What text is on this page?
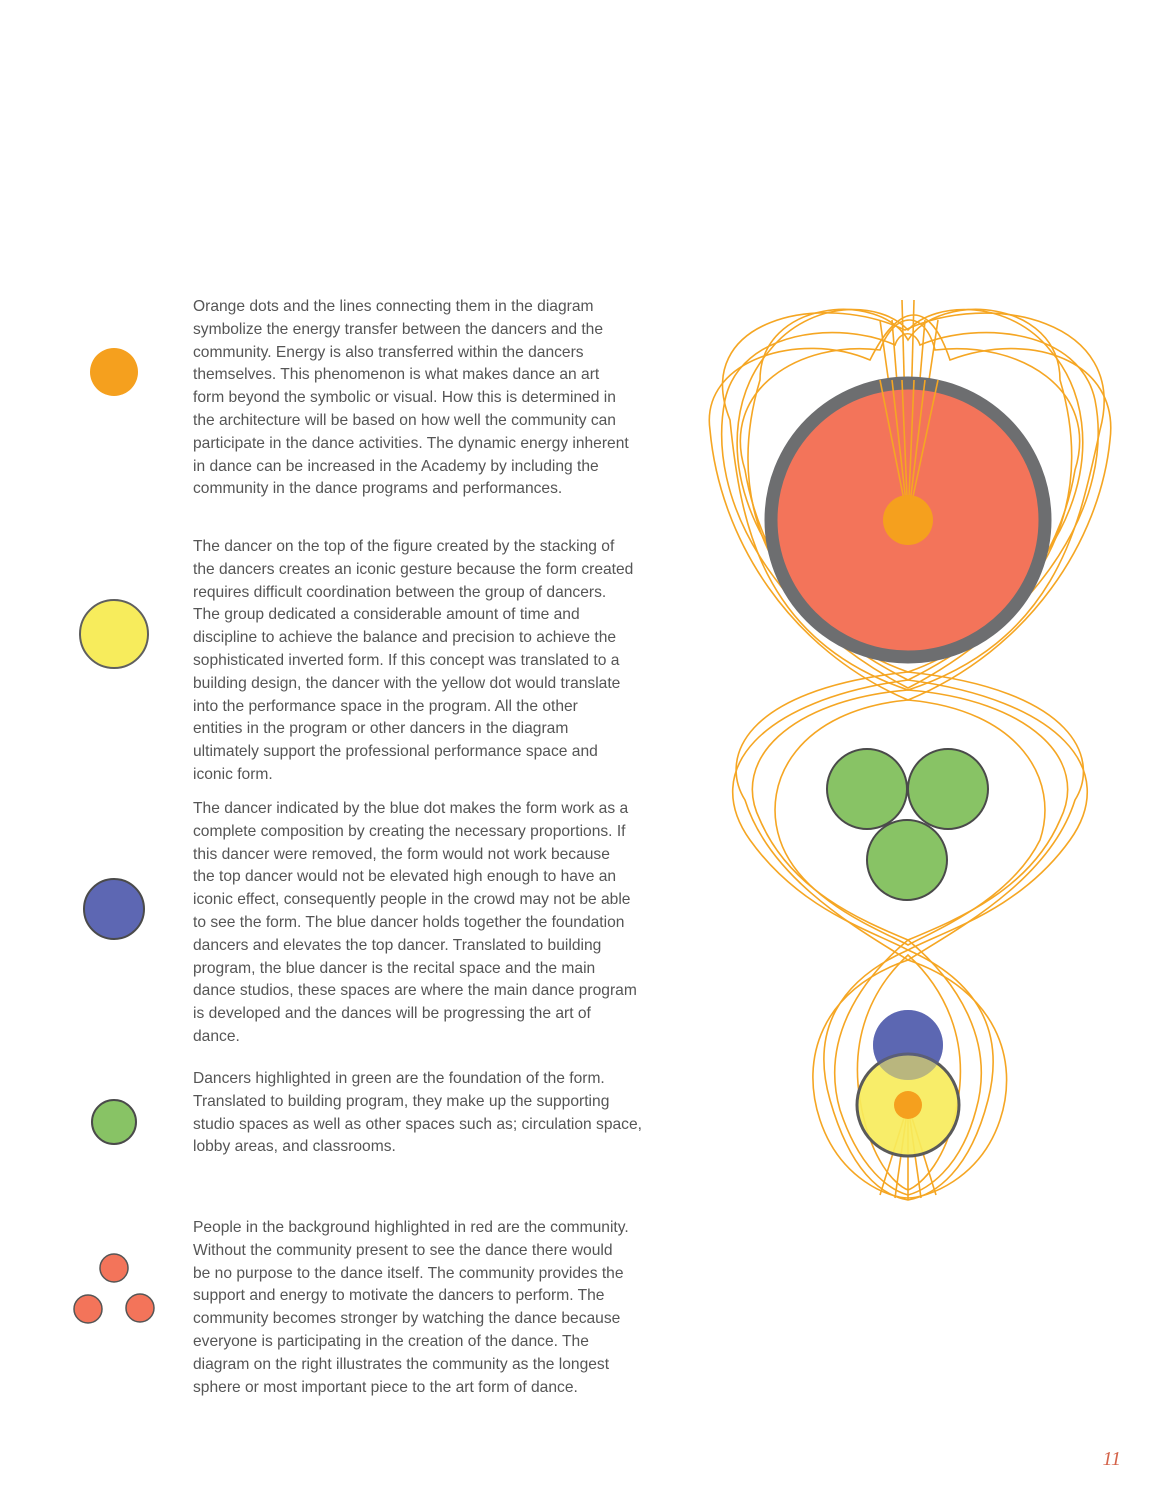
Orange dots and the lines connecting them in the diagram
symbolize the energy transfer between the dancers and the
community. Energy is also transferred within the dancers
themselves. This phenomenon is what makes dance an art
form beyond the symbolic or visual. How this is determined in
the architecture will be based on how well the community can
participate in the dance activities. The dynamic energy inherent
in dance can be increased in the Academy by including the
community in the dance programs and performances.

The dancer on the top of the figure created by the stacking of
the dancers creates an iconic gesture because the form created
requires difficult coordination between the group of dancers.
The group dedicated a considerable amount of time and
discipline to achieve the balance and precision to achieve the
sophisticated inverted form. If this concept was translated to a
building design, the dancer with the yellow dot would translate
into the performance space in the program. All the other
entities in the program or other dancers in the diagram
ultimately support the professional performance space and
iconic form.

The dancer indicated by the blue dot makes the form work as a
complete composition by creating the necessary proportions. If
this dancer were removed, the form would not work because
the top dancer would not be elevated high enough to have an
iconic effect, consequently people in the crowd may not be able
to see the form. The blue dancer holds together the foundation
dancers and elevates the top dancer. Translated to building
program, the blue dancer is the recital space and the main
dance studios, these spaces are where the main dance program
is developed and the dances will be progressing the art of
dance.

Dancers highlighted in green are the foundation of the form.
Translated to building program, they make up the supporting
studio spaces as well as other spaces such as; circulation space,
lobby areas, and classrooms.

People in the background highlighted in red are the community.
Without the community present to see the dance there would
be no purpose to the dance itself. The community provides the
support and energy to motivate the dancers to perform. The
community becomes stronger by watching the dance because
everyone is participating in the creation of the dance. The
diagram on the right illustrates the community as the longest
sphere or most important piece to the art form of dance.

11
